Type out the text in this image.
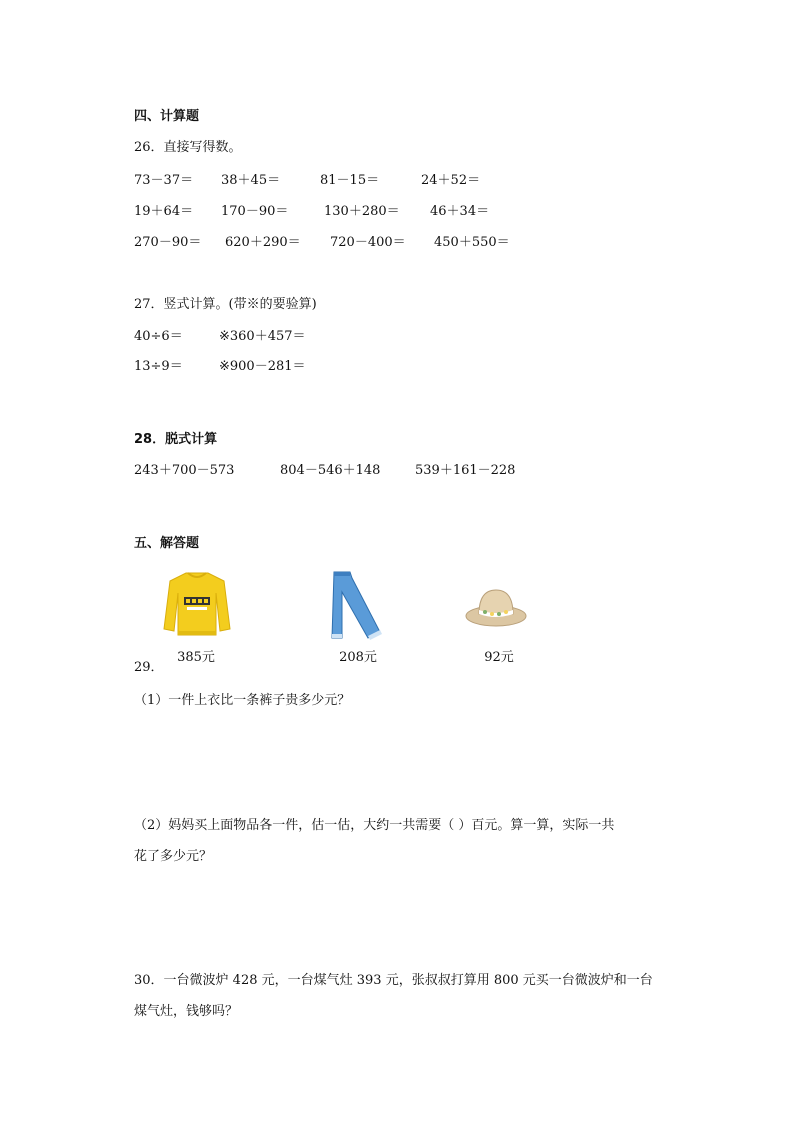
四、计算题
26．直接写得数。
73－37＝ 38＋45＝	81－15＝	24＋52＝
19＋64＝ 170－90＝	130＋280＝ 46＋34＝
270－90＝ 620＋290＝ 720－400＝ 450＋550＝
27．竖式计算。(带※的要验算)
40÷6＝	※360＋457＝
13÷9＝	※900－281＝
28．脱式计算
243＋700－573	804－546＋148	539＋161－228
五、解答题
385元	208元	92元
29．
（1）一件上衣比一条裤子贵多少元？
（2）妈妈买上面物品各一件，估一估，大约一共需要（ ）百元。算一算，实际一共
花了多少元？
30．一台微波炉 428 元，一台煤气灶 393 元，张叔叔打算用 800 元买一台微波炉和一台
煤气灶，钱够吗？
